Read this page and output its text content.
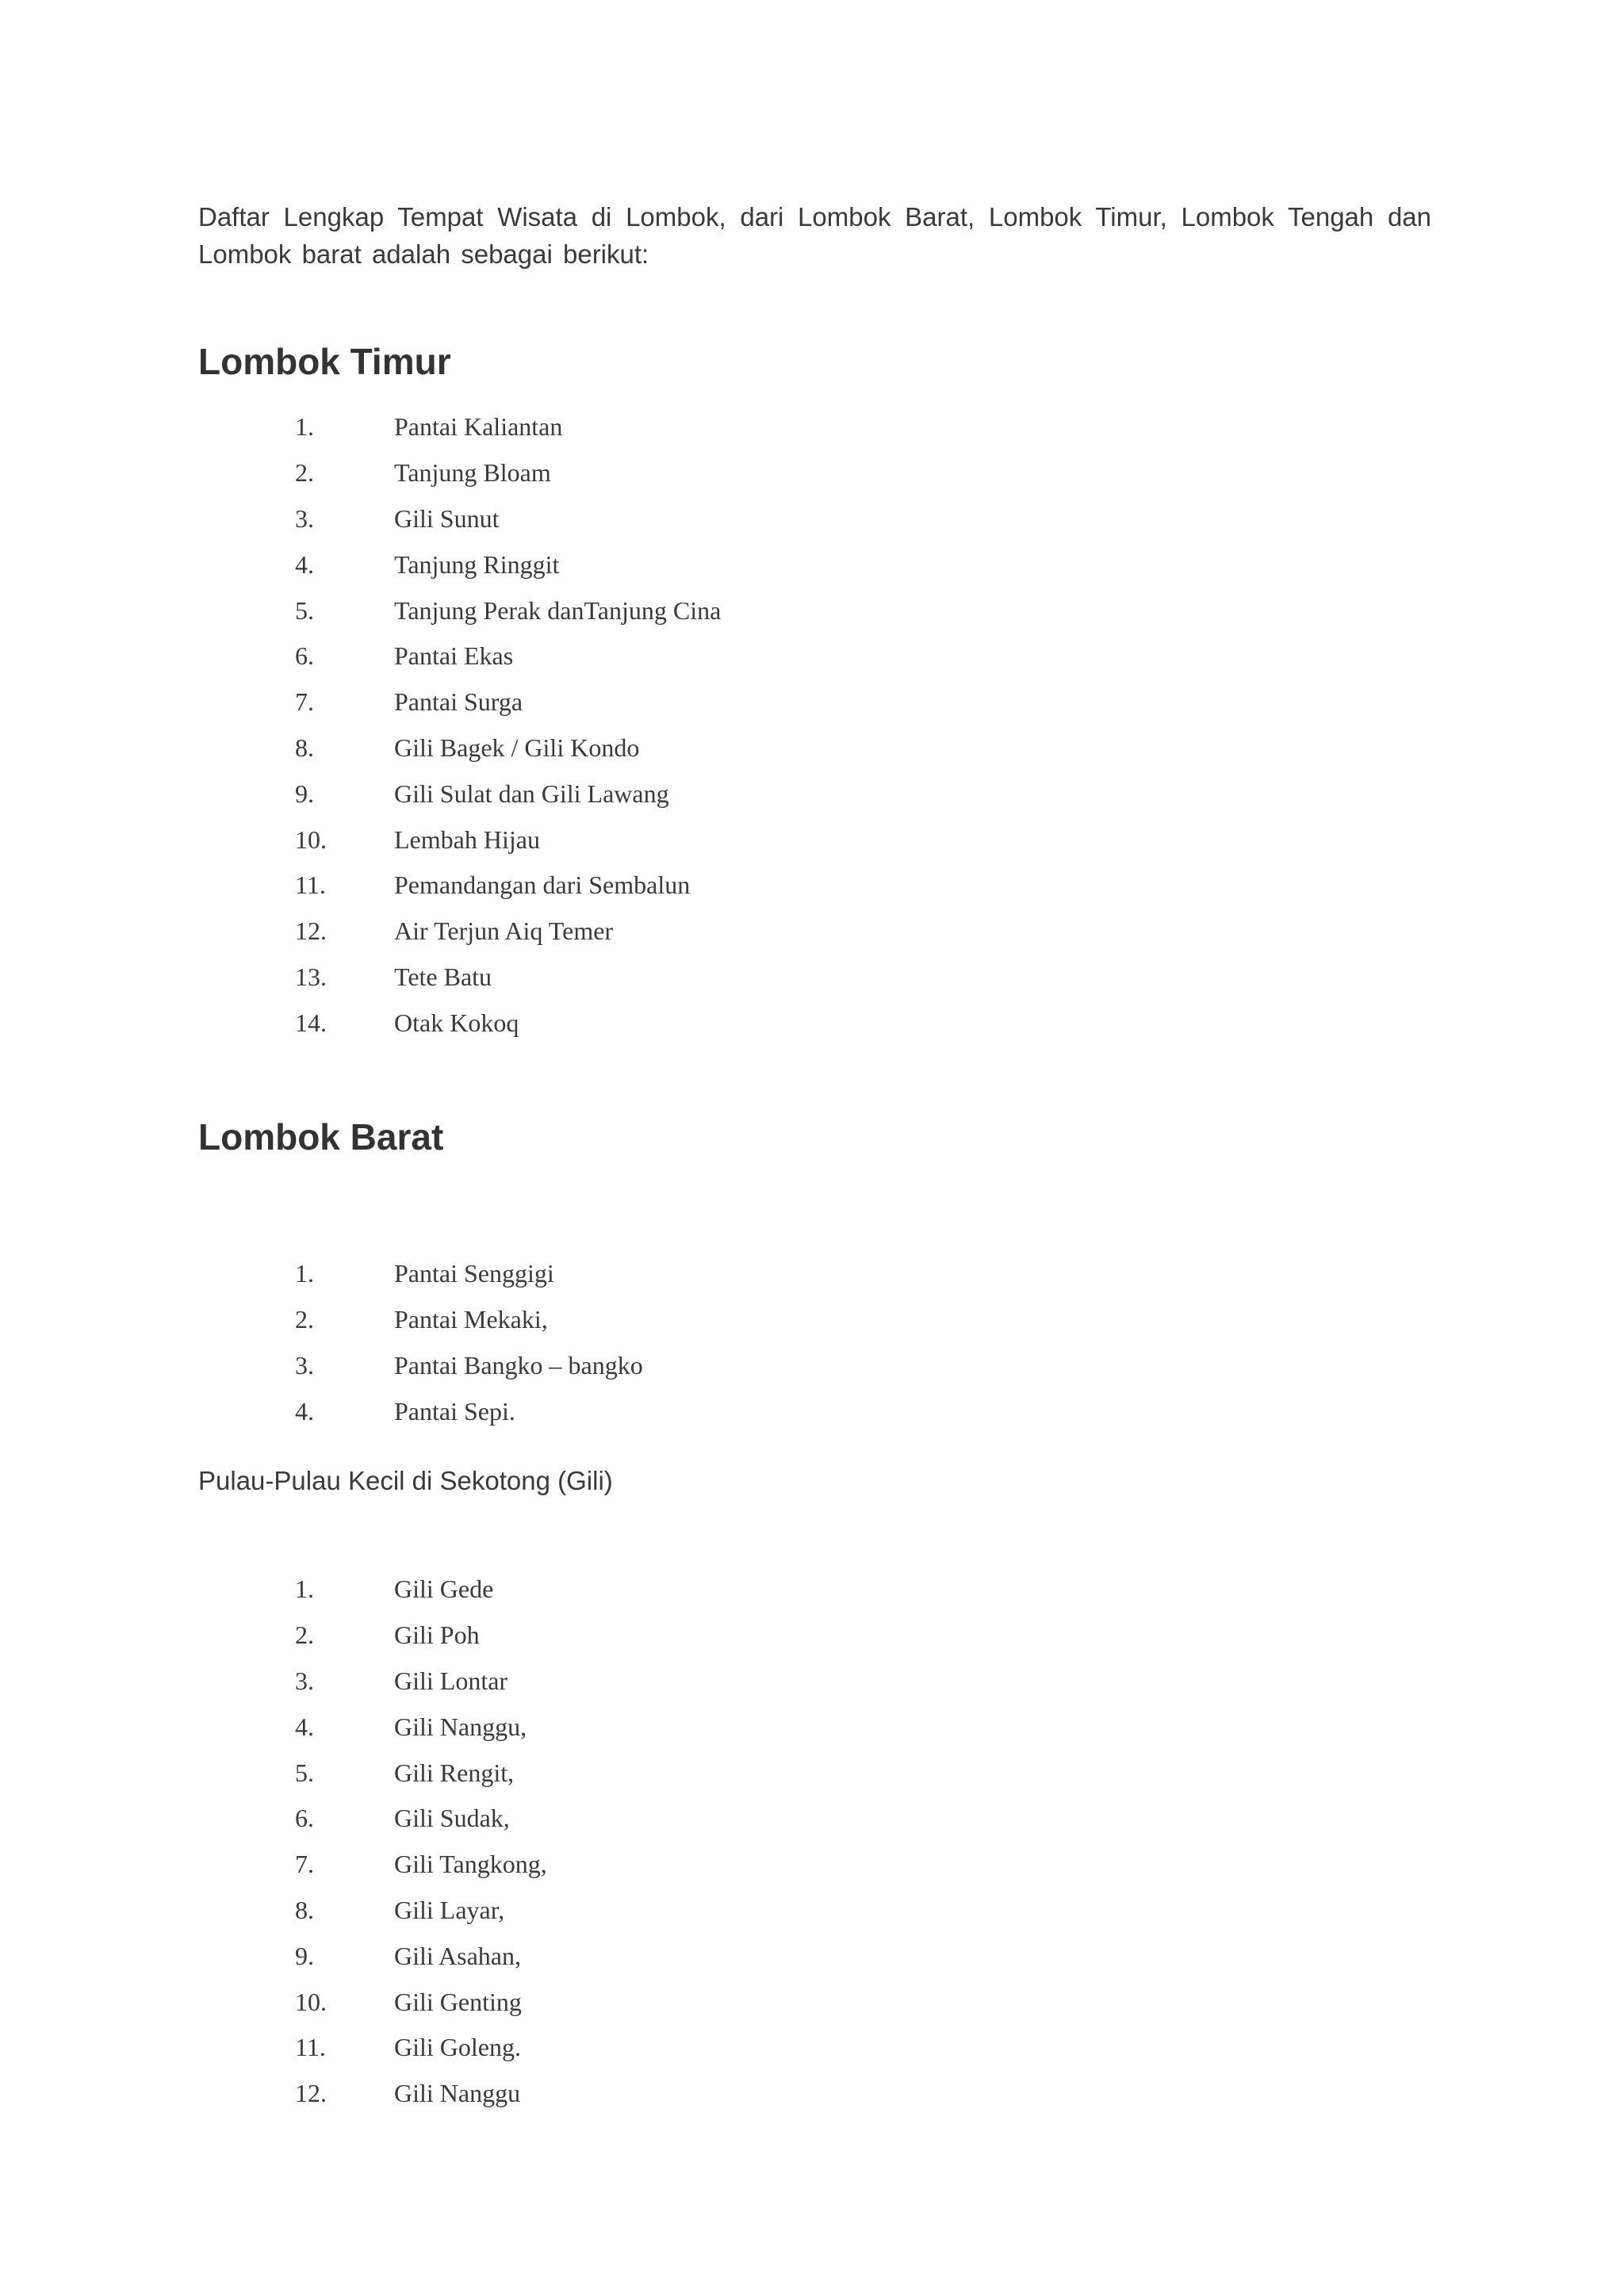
Daftar Lengkap Tempat Wisata di Lombok, dari Lombok Barat, Lombok Timur, Lombok Tengah dan Lombok barat adalah sebagai berikut:

Lombok Timur
1.	Pantai Kaliantan
2.	Tanjung Bloam
3.	Gili Sunut
4.	Tanjung Ringgit
5.	Tanjung Perak danTanjung Cina
6.	Pantai Ekas
7.	Pantai Surga
8.	Gili Bagek / Gili Kondo
9.	Gili Sulat dan Gili Lawang
10.	Lembah Hijau
11.	Pemandangan dari Sembalun
12.	Air Terjun Aiq Temer
13.	Tete Batu
14.	Otak Kokoq
Lombok Barat
1.	Pantai Senggigi
2.	Pantai Mekaki,
3.	Pantai Bangko – bangko
4.	Pantai Sepi.

Pulau-Pulau Kecil di Sekotong (Gili)

1.	Gili Gede
2.	Gili Poh
3.	Gili Lontar
4.	Gili Nanggu,
5.	Gili Rengit,
6.	Gili Sudak,
7.	Gili Tangkong,
8.	Gili Layar,
9.	Gili Asahan,
10.	Gili Genting
11.	Gili Goleng.
12.	Gili Nanggu
